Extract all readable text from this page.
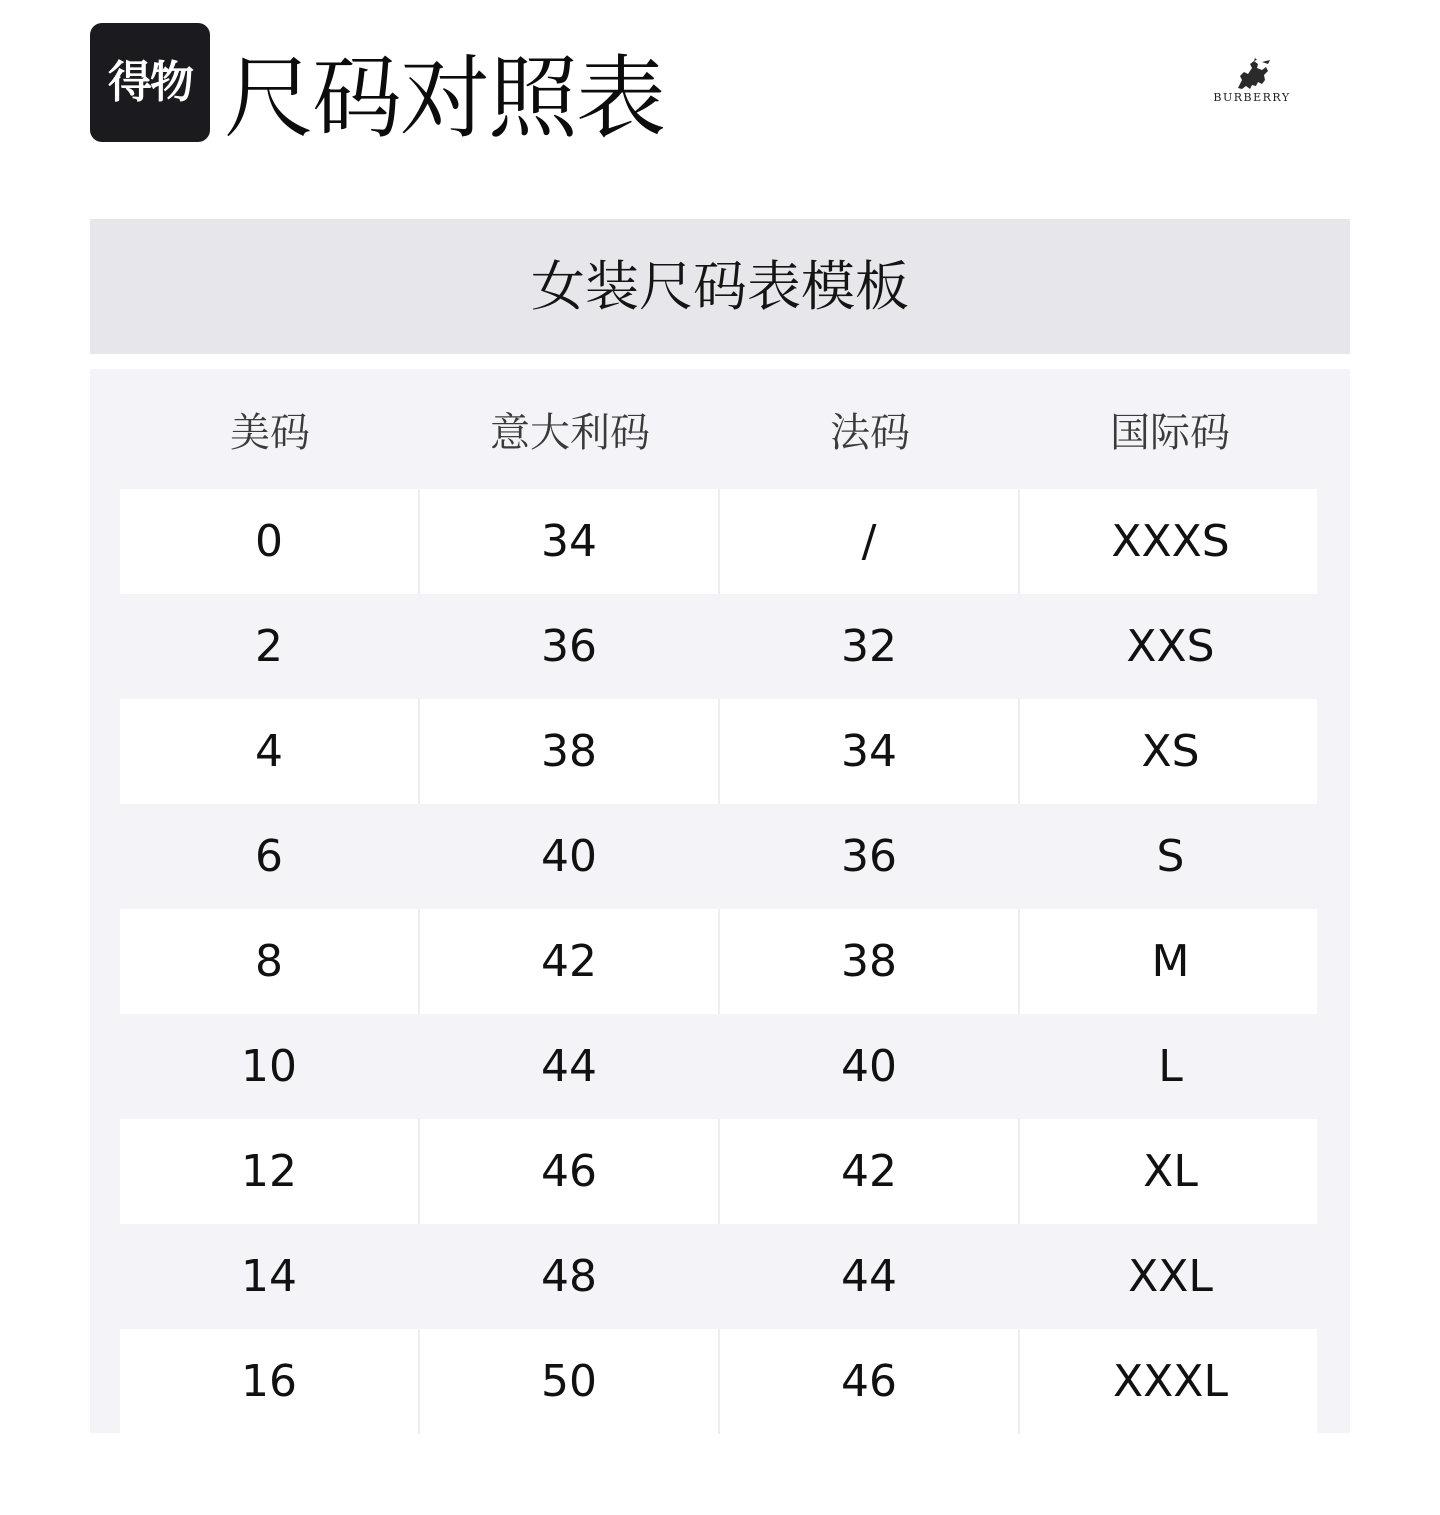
得物 尺码对照表	BURBERRY
女装尺码表模板
美码	意大利码	法码	国际码
0	34	/	XXXS
2	36	32	XXS
4	38	34	XS
6	40	36	S
8	42	38	M
10	44	40	L
12	46	42	XL
14	48	44	XXL
16	50	46	XXXL
